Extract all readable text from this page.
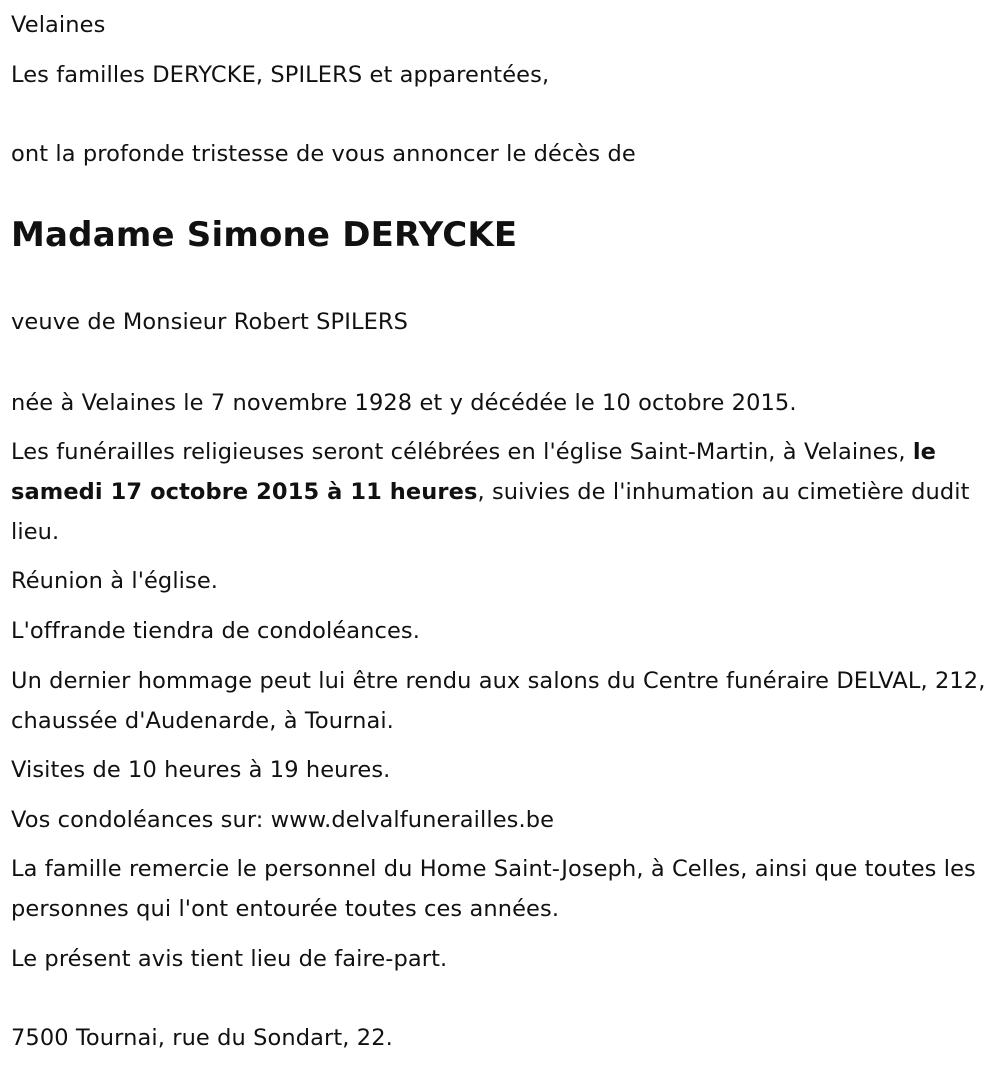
Velaines
Les familles DERYCKE, SPILERS et apparentées,
ont la profonde tristesse de vous annoncer le décès de
Madame Simone DERYCKE
veuve de Monsieur Robert SPILERS
née à Velaines le 7 novembre 1928 et y décédée le 10 octobre 2015.
Les funérailles religieuses seront célébrées en l'église Saint-Martin, à Velaines, le samedi 17 octobre 2015 à 11 heures, suivies de l'inhumation au cimetière dudit lieu.
Réunion à l'église.
L'offrande tiendra de condoléances.
Un dernier hommage peut lui être rendu aux salons du Centre funéraire DELVAL, 212, chaussée d'Audenarde, à Tournai.
Visites de 10 heures à 19 heures.
Vos condoléances sur: www.delvalfunerailles.be
La famille remercie le personnel du Home Saint-Joseph, à Celles, ainsi que toutes les personnes qui l'ont entourée toutes ces années.
Le présent avis tient lieu de faire-part.
7500 Tournai, rue du Sondart, 22.
